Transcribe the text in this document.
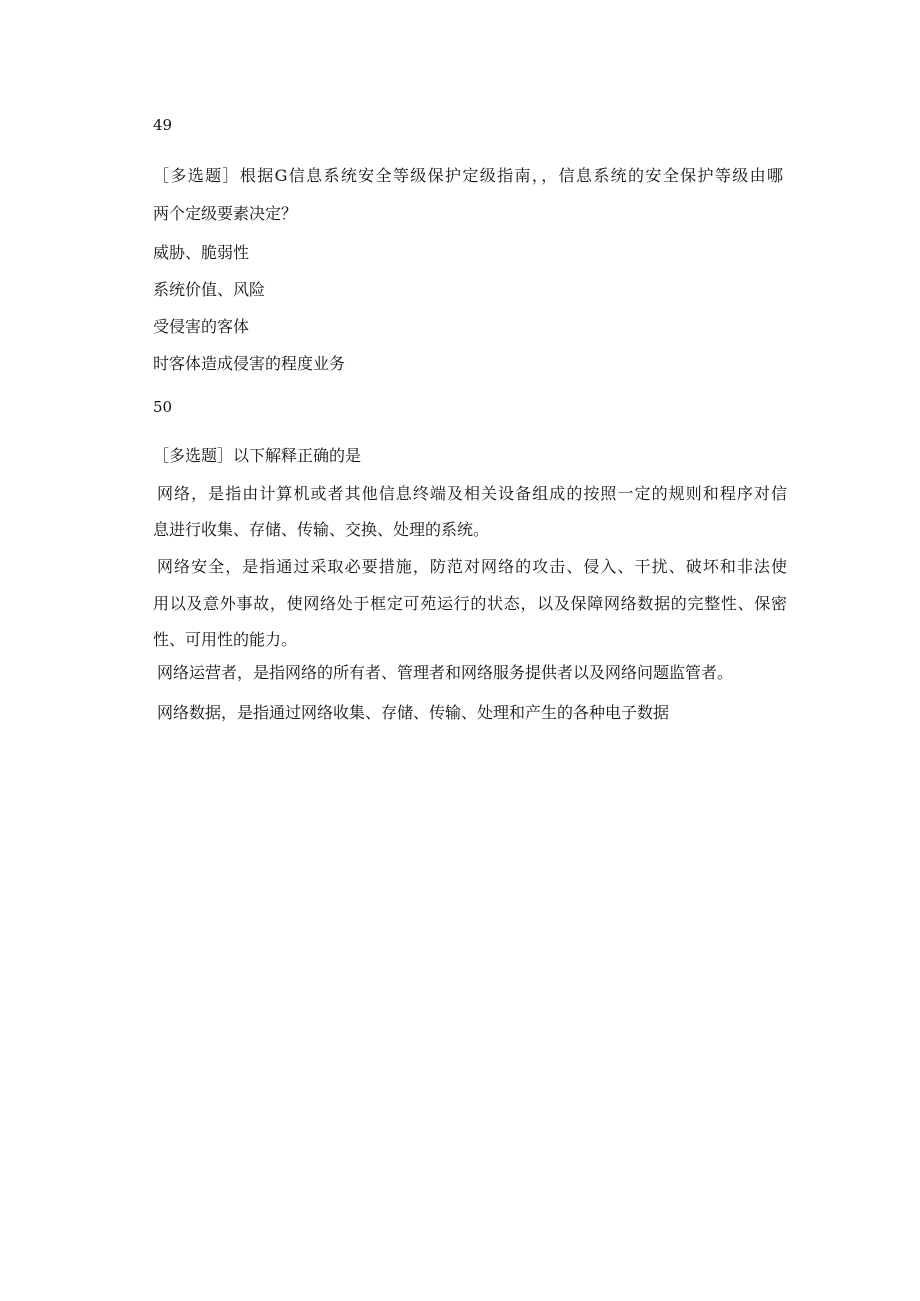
49
［多选题］根据G信息系统安全等级保护定级指南，，信息系统的安全保护等级由哪
两个定级要素决定？
威胁、脆弱性
系统价值、风险
受侵害的客体
时客体造成侵害的程度业务
50
［多选题］以下解释正确的是
网络，是指由计算机或者其他信息终端及相关设备组成的按照一定的规则和程序对信
息进行收集、存储、传输、交换、处理的系统。
网络安全，是指通过采取必要措施，防范对网络的攻击、侵入、干扰、破坏和非法使
用以及意外事故，使网络处于框定可苑运行的状态，以及保障网络数据的完整性、保密
性、可用性的能力。
网络运营者，是指网络的所有者、管理者和网络服务提供者以及网络问题监管者。
网络数据，是指通过网络收集、存储、传输、处理和产生的各种电子数据
